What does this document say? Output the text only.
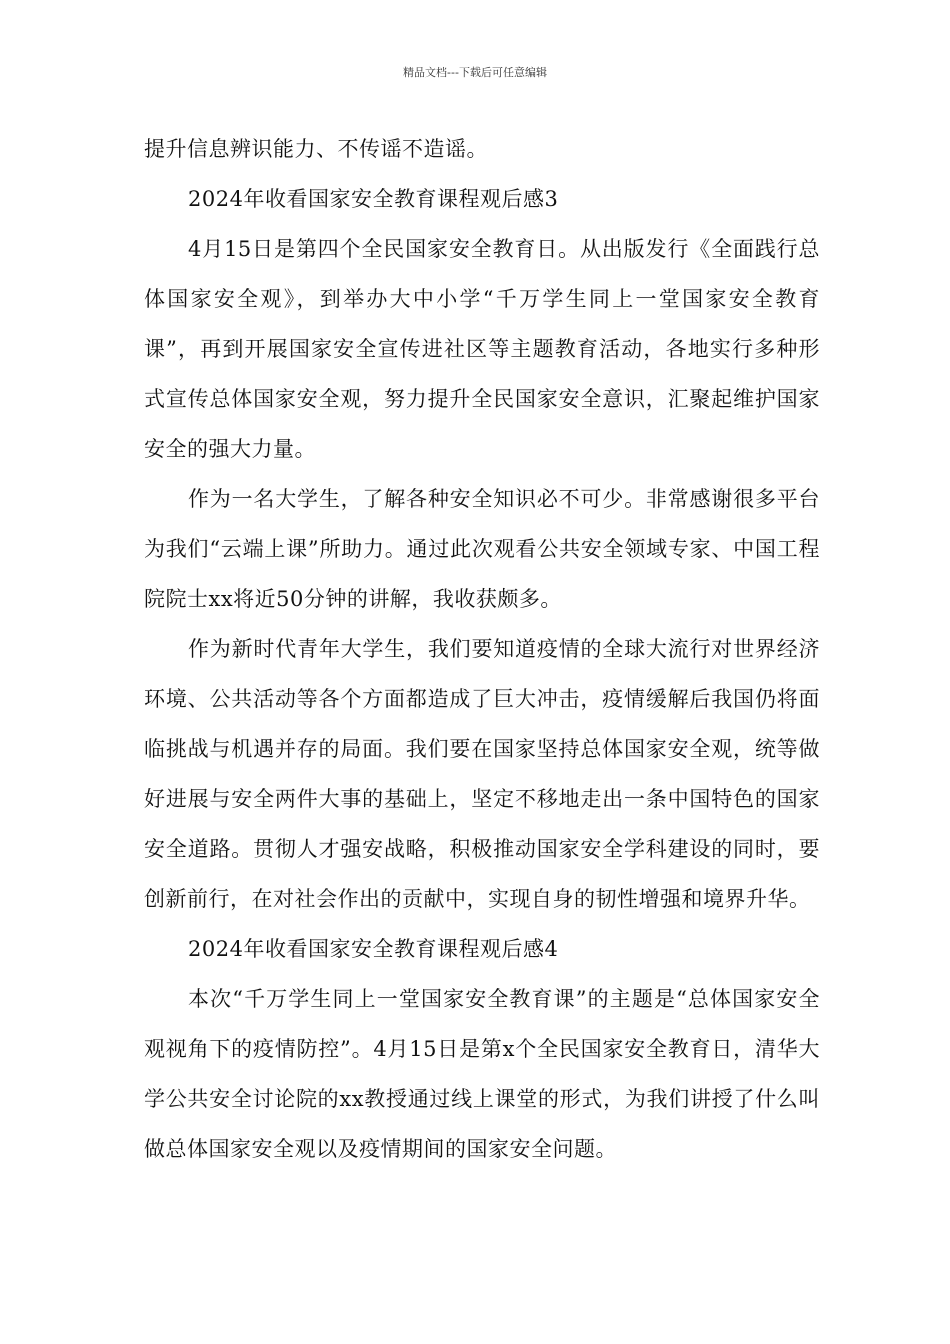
精品文档---下载后可任意编辑

提升信息辨识能力、不传谣不造谣。

2024年收看国家安全教育课程观后感3

4月15日是第四个全民国家安全教育日。从出版发行《全面践行总体国家安全观》，到举办大中小学“千万学生同上一堂国家安全教育课”，再到开展国家安全宣传进社区等主题教育活动，各地实行多种形式宣传总体国家安全观，努力提升全民国家安全意识，汇聚起维护国家安全的强大力量。

作为一名大学生，了解各种安全知识必不可少。非常感谢很多平台为我们“云端上课”所助力。通过此次观看公共安全领域专家、中国工程院院士xx将近50分钟的讲解，我收获颇多。

作为新时代青年大学生，我们要知道疫情的全球大流行对世界经济环境、公共活动等各个方面都造成了巨大冲击，疫情缓解后我国仍将面临挑战与机遇并存的局面。我们要在国家坚持总体国家安全观，统等做好进展与安全两件大事的基础上，坚定不移地走出一条中国特色的国家安全道路。贯彻人才强安战略，积极推动国家安全学科建设的同时，要创新前行，在对社会作出的贡献中，实现自身的韧性增强和境界升华。

2024年收看国家安全教育课程观后感4

本次“千万学生同上一堂国家安全教育课”的主题是“总体国家安全观视角下的疫情防控”。4月15日是第x个全民国家安全教育日，清华大学公共安全讨论院的xx教授通过线上课堂的形式，为我们讲授了什么叫做总体国家安全观以及疫情期间的国家安全问题。
